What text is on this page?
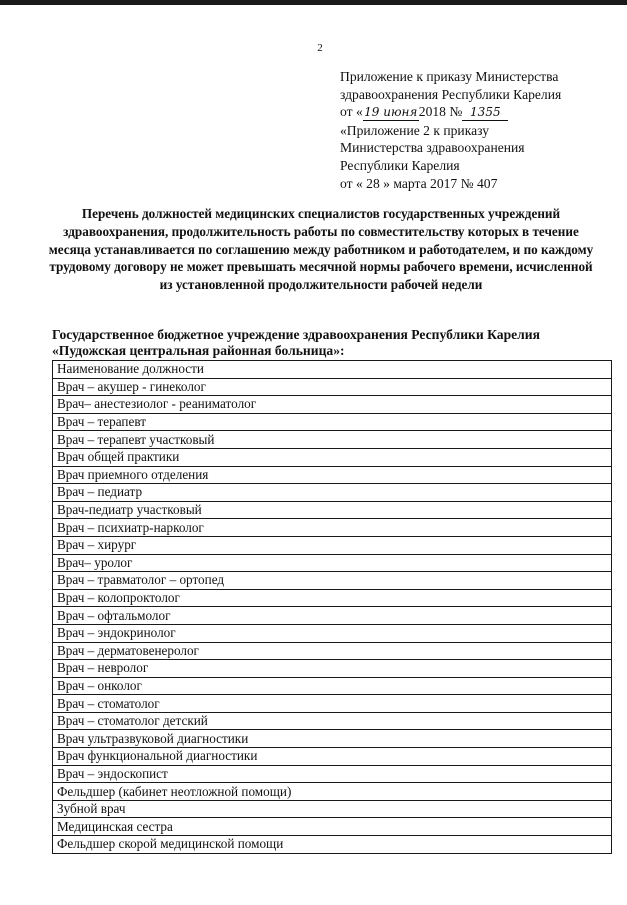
2
Приложение к приказу Министерства
здравоохранения Республики Карелия
от «19 июня2018 № 1355
«Приложение 2 к приказу
Министерства здравоохранения
Республики Карелия
от « 28 » марта 2017 № 407
Перечень должностей медицинских специалистов государственных учреждений здравоохранения, продолжительность работы по совместительству которых в течение месяца устанавливается по соглашению между работником и работодателем, и по каждому трудовому договору не может превышать месячной нормы рабочего времени, исчисленной из установленной продолжительности рабочей недели
Государственное бюджетное учреждение здравоохранения Республики Карелия «Пудожская центральная районная больница»:
Наименование должности
Врач – акушер - гинеколог
Врач– анестезиолог - реаниматолог
Врач – терапевт
Врач – терапевт участковый
Врач общей практики
Врач приемного отделения
Врач – педиатр
Врач-педиатр участковый
Врач – психиатр-нарколог
Врач – хирург
Врач– уролог
Врач – травматолог – ортопед
Врач – колопроктолог
Врач – офтальмолог
Врач – эндокринолог
Врач – дерматовенеролог
Врач – невролог
Врач – онколог
Врач – стоматолог
Врач – стоматолог детский
Врач ультразвуковой диагностики
Врач функциональной диагностики
Врач – эндоскопист
Фельдшер (кабинет неотложной помощи)
Зубной врач
Медицинская сестра
Фельдшер скорой медицинской помощи
